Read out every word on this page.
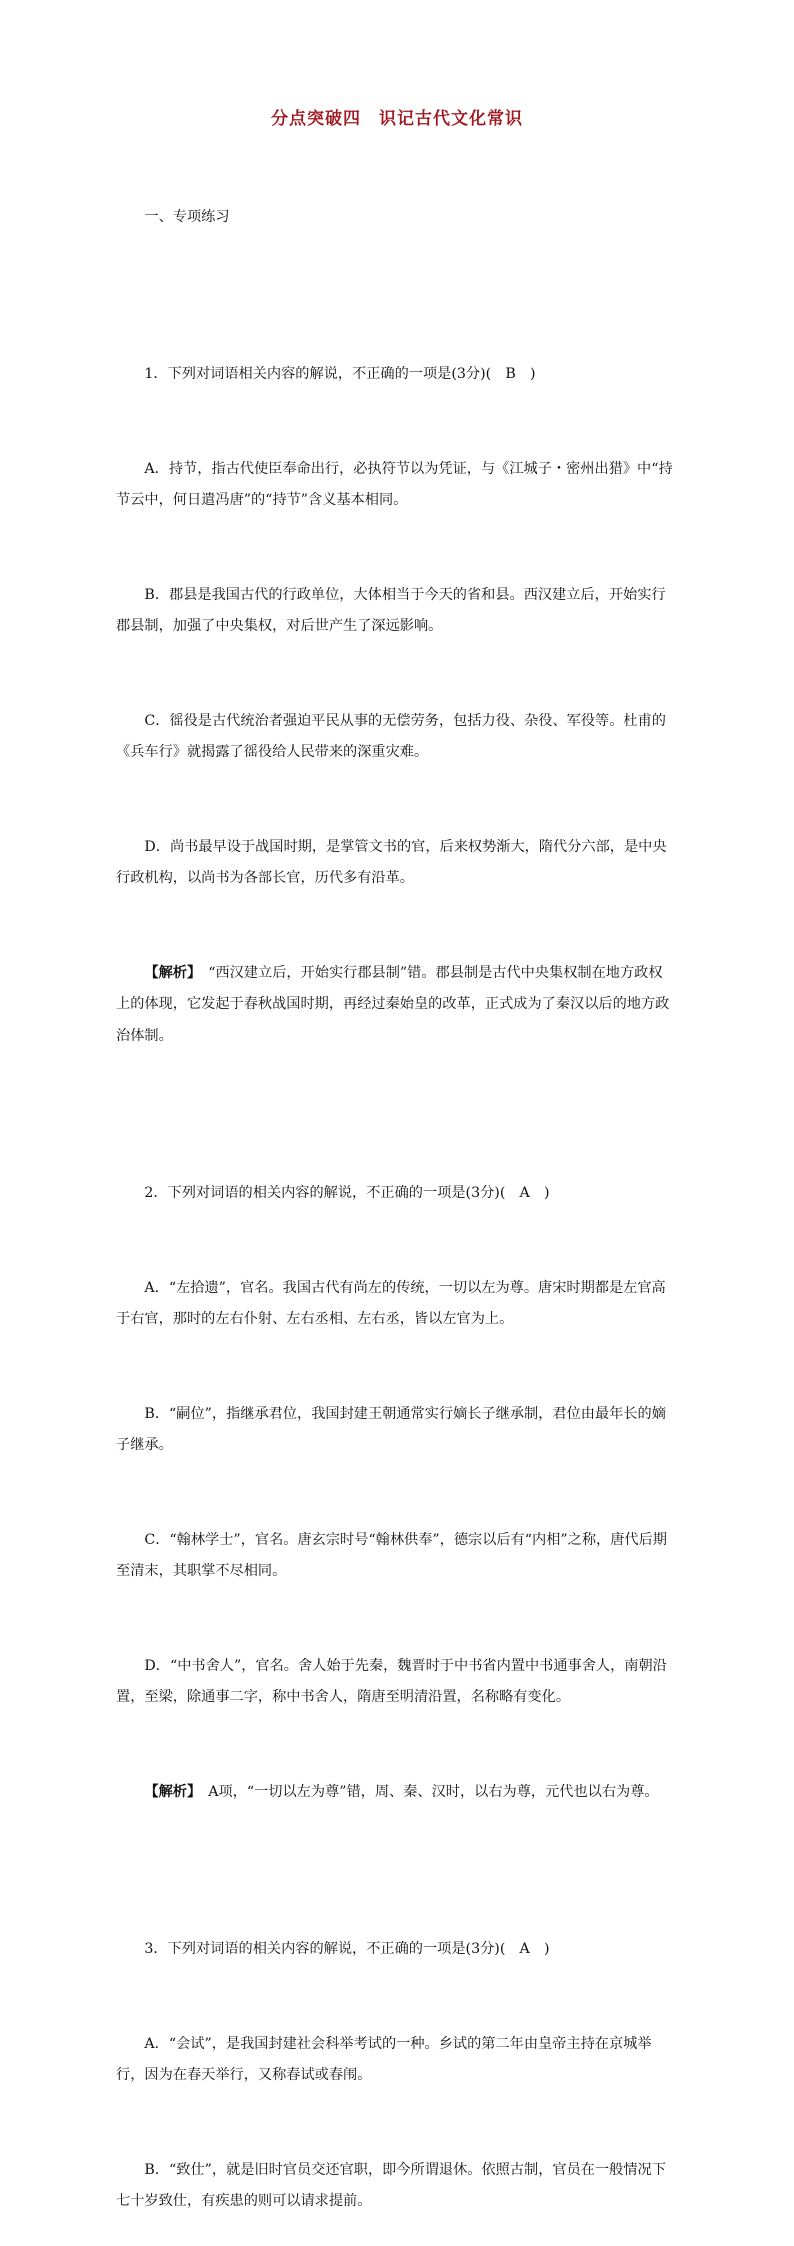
分点突破四　识记古代文化常识

一、专项练习

1．下列对词语相关内容的解说，不正确的一项是(3分)(　B　)

A．持节，指古代使臣奉命出行，必执符节以为凭证，与《江城子・密州出猎》中“持节云中，何日遣冯唐”的“持节”含义基本相同。

B．郡县是我国古代的行政单位，大体相当于今天的省和县。西汉建立后，开始实行郡县制，加强了中央集权，对后世产生了深远影响。

C．徭役是古代统治者强迫平民从事的无偿劳务，包括力役、杂役、军役等。杜甫的《兵车行》就揭露了徭役给人民带来的深重灾难。

D．尚书最早设于战国时期，是掌管文书的官，后来权势渐大，隋代分六部，是中央行政机构，以尚书为各部长官，历代多有沿革。

【解析】　“西汉建立后，开始实行郡县制”错。郡县制是古代中央集权制在地方政权上的体现，它发起于春秋战国时期，再经过秦始皇的改革，正式成为了秦汉以后的地方政治体制。

2．下列对词语的相关内容的解说，不正确的一项是(3分)(　A　)

A．“左拾遗”，官名。我国古代有尚左的传统，一切以左为尊。唐宋时期都是左官高于右官，那时的左右仆射、左右丞相、左右丞，皆以左官为上。

B．“嗣位”，指继承君位，我国封建王朝通常实行嫡长子继承制，君位由最年长的嫡子继承。

C．“翰林学士”，官名。唐玄宗时号“翰林供奉”，德宗以后有“内相”之称，唐代后期至清末，其职掌不尽相同。

D．“中书舍人”，官名。舍人始于先秦，魏晋时于中书省内置中书通事舍人，南朝沿置，至梁，除通事二字，称中书舍人，隋唐至明清沿置，名称略有变化。

【解析】　A项，“一切以左为尊”错，周、秦、汉时，以右为尊，元代也以右为尊。

3．下列对词语的相关内容的解说，不正确的一项是(3分)(　A　)

A．“会试”，是我国封建社会科举考试的一种。乡试的第二年由皇帝主持在京城举行，因为在春天举行，又称春试或春闱。

B．“致仕”，就是旧时官员交还官职，即今所谓退休。依照古制，官员在一般情况下七十岁致仕，有疾患的则可以请求提前。
